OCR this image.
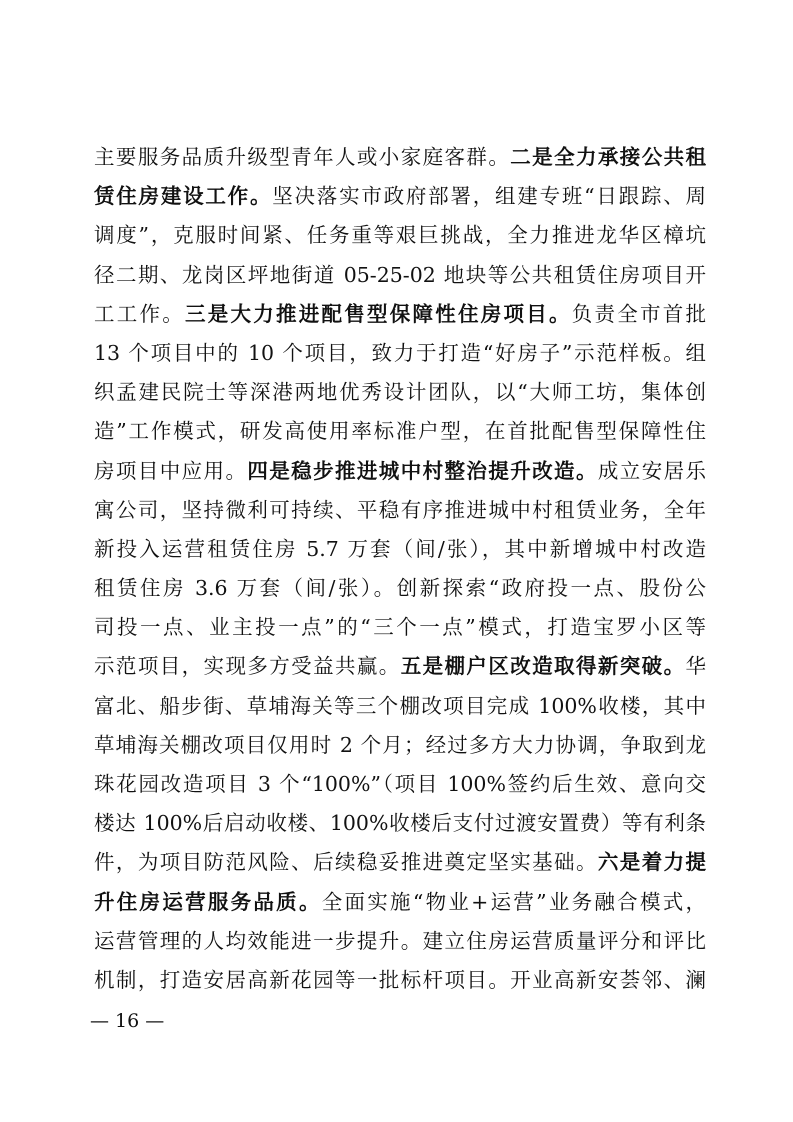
主要服务品质升级型青年人或小家庭客群。二是全力承接公共租
赁住房建设工作。坚决落实市政府部署，组建专班“日跟踪、周
调度”，克服时间紧、任务重等艰巨挑战，全力推进龙华区樟坑
径二期、龙岗区坪地街道 05-25-02 地块等公共租赁住房项目开
工工作。三是大力推进配售型保障性住房项目。负责全市首批
13 个项目中的 10 个项目，致力于打造“好房子”示范样板。组
织孟建民院士等深港两地优秀设计团队，以“大师工坊，集体创
造”工作模式，研发高使用率标准户型，在首批配售型保障性住
房项目中应用。四是稳步推进城中村整治提升改造。成立安居乐
寓公司，坚持微利可持续、平稳有序推进城中村租赁业务，全年
新投入运营租赁住房 5.7 万套（间/张），其中新增城中村改造
租赁住房 3.6 万套（间/张）。创新探索“政府投一点、股份公
司投一点、业主投一点”的“三个一点”模式，打造宝罗小区等
示范项目，实现多方受益共赢。五是棚户区改造取得新突破。华
富北、船步街、草埔海关等三个棚改项目完成 100%收楼，其中
草埔海关棚改项目仅用时 2 个月；经过多方大力协调，争取到龙
珠花园改造项目 3 个“100%”（项目 100%签约后生效、意向交
楼达 100%后启动收楼、100%收楼后支付过渡安置费）等有利条
件，为项目防范风险、后续稳妥推进奠定坚实基础。六是着力提
升住房运营服务品质。全面实施“物业+运营”业务融合模式，
运营管理的人均效能进一步提升。建立住房运营质量评分和评比
机制，打造安居高新花园等一批标杆项目。开业高新安荟邻、澜
— 16 —
